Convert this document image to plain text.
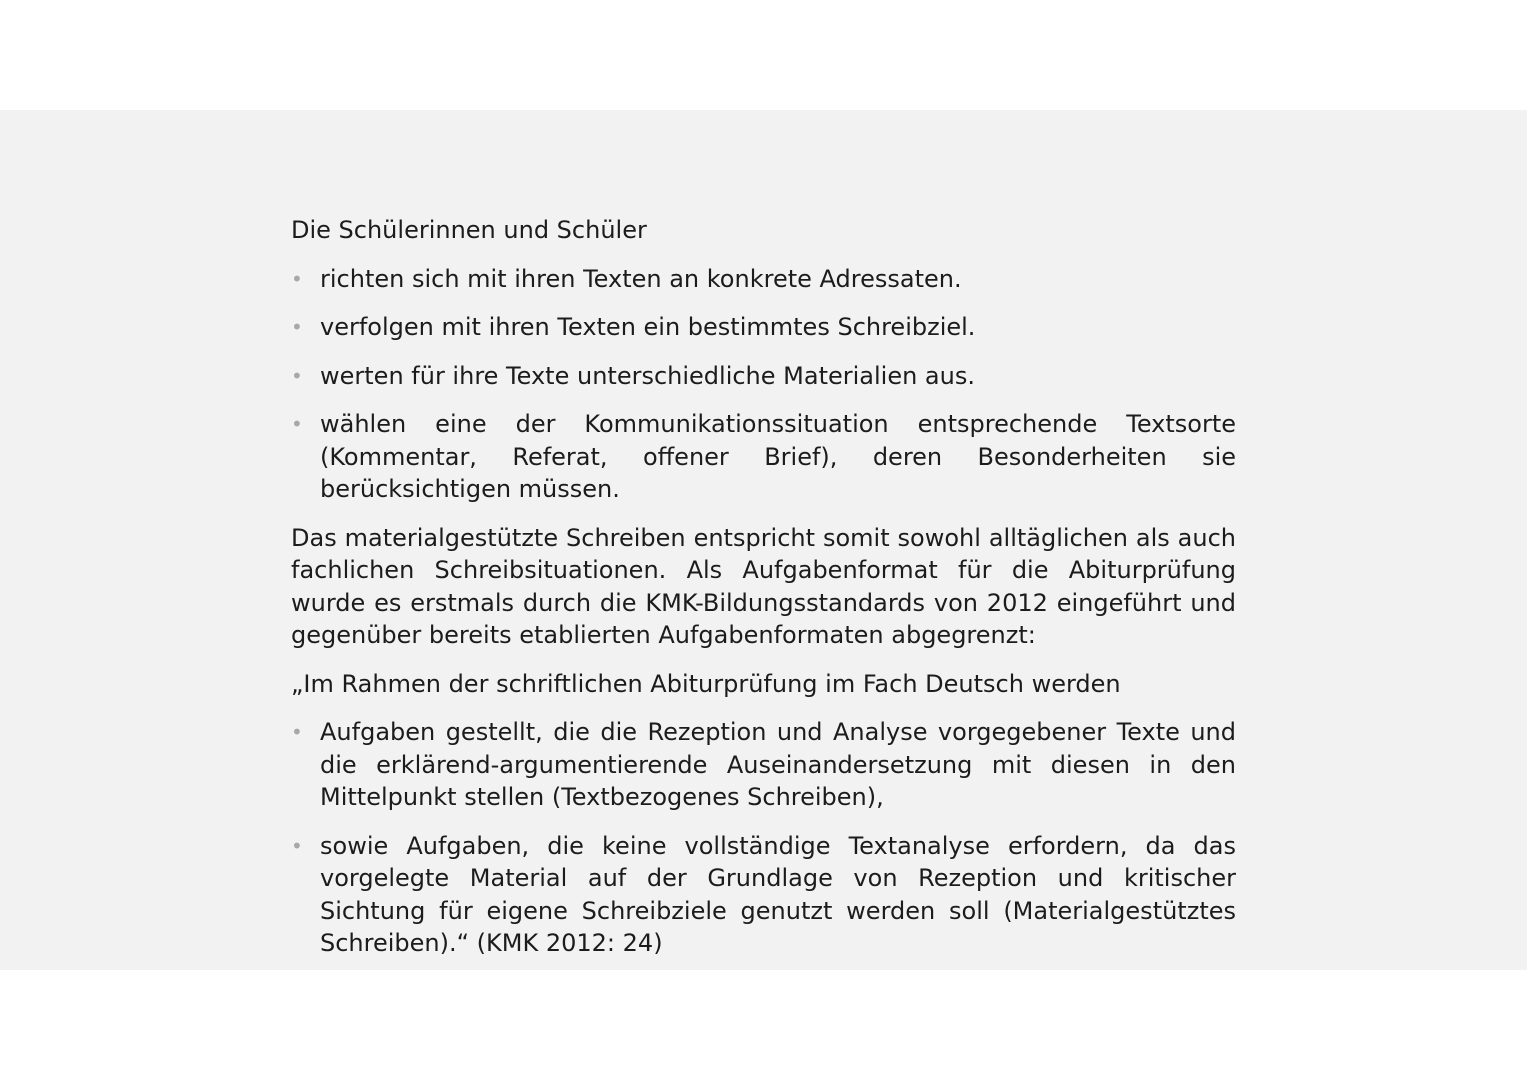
Die Schülerinnen und Schüler

• richten sich mit ihren Texten an konkrete Adressaten.
• verfolgen mit ihren Texten ein bestimmtes Schreibziel.
• werten für ihre Texte unterschiedliche Materialien aus.
• wählen eine der Kommunikationssituation entsprechende Textsorte (Kommentar, Referat, offener Brief), deren Besonderheiten sie berücksichtigen müssen.

Das materialgestützte Schreiben entspricht somit sowohl alltäglichen als auch fachlichen Schreibsituationen. Als Aufgabenformat für die Abiturprüfung wurde es erstmals durch die KMK-Bildungsstandards von 2012 eingeführt und gegenüber bereits etablierten Aufgabenformaten abgegrenzt:

„Im Rahmen der schriftlichen Abiturprüfung im Fach Deutsch werden

• Aufgaben gestellt, die die Rezeption und Analyse vorgegebener Texte und die erklärend-argumentierende Auseinandersetzung mit diesen in den Mittelpunkt stellen (Textbezogenes Schreiben),
• sowie Aufgaben, die keine vollständige Textanalyse erfordern, da das vorgelegte Material auf der Grundlage von Rezeption und kritischer Sichtung für eigene Schreibziele genutzt werden soll (Materialgestütztes Schreiben).“ (KMK 2012: 24)
